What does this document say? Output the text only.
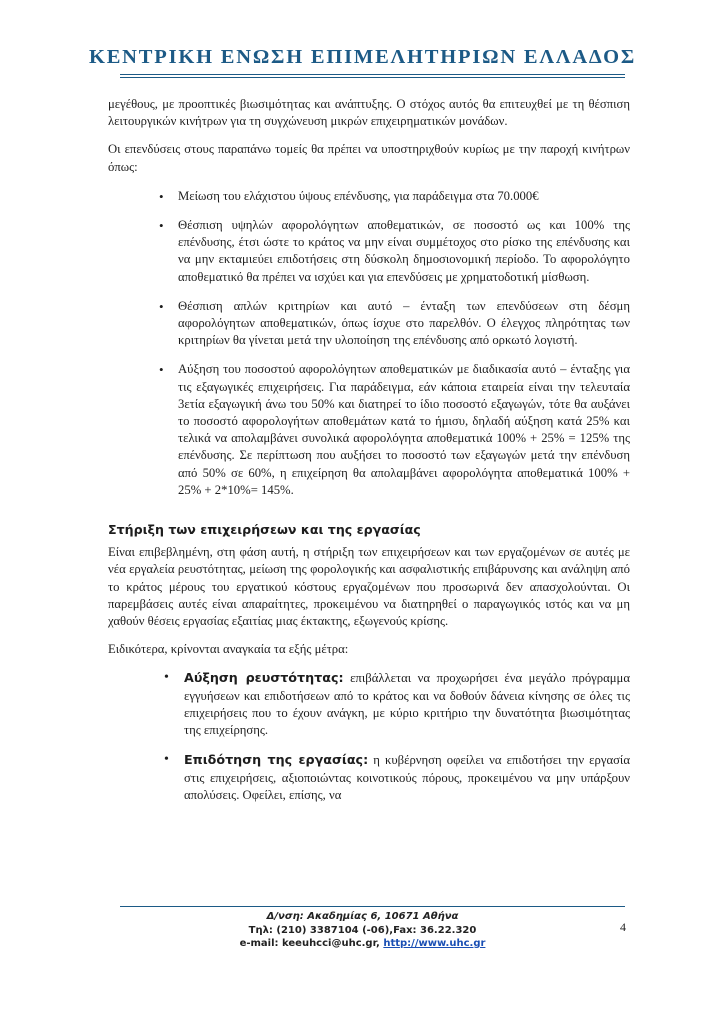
ΚΕΝΤΡΙΚΗ ΕΝΩΣΗ ΕΠΙΜΕΛΗΤΗΡΙΩΝ ΕΛΛΑΔΟΣ

μεγέθους, με προοπτικές βιωσιμότητας και ανάπτυξης. Ο στόχος αυτός θα επιτευχθεί με τη θέσπιση λειτουργικών κινήτρων για τη συγχώνευση μικρών επιχειρηματικών μονάδων.

Οι επενδύσεις στους παραπάνω τομείς θα πρέπει να υποστηριχθούν κυρίως με την παροχή κινήτρων όπως:

• Μείωση του ελάχιστου ύψους επένδυσης, για παράδειγμα στα 70.000€
• Θέσπιση υψηλών αφορολόγητων αποθεματικών, σε ποσοστό ως και 100% της επένδυσης, έτσι ώστε το κράτος να μην είναι συμμέτοχος στο ρίσκο της επένδυσης και να μην εκταμιεύει επιδοτήσεις στη δύσκολη δημοσιονομική περίοδο. Το αφορολόγητο αποθεματικό θα πρέπει να ισχύει και για επενδύσεις με χρηματοδοτική μίσθωση.
• Θέσπιση απλών κριτηρίων και αυτό – ένταξη των επενδύσεων στη δέσμη αφορολόγητων αποθεματικών, όπως ίσχυε στο παρελθόν. Ο έλεγχος πληρότητας των κριτηρίων θα γίνεται μετά την υλοποίηση της επένδυσης από ορκωτό λογιστή.
• Αύξηση του ποσοστού αφορολόγητων αποθεματικών με διαδικασία αυτό – ένταξης για τις εξαγωγικές επιχειρήσεις. Για παράδειγμα, εάν κάποια εταιρεία είναι την τελευταία 3ετία εξαγωγική άνω του 50% και διατηρεί το ίδιο ποσοστό εξαγωγών, τότε θα αυξάνει το ποσοστό αφορολογήτων αποθεμάτων κατά το ήμισυ, δηλαδή αύξηση κατά 25% και τελικά να απολαμβάνει συνολικά αφορολόγητα αποθεματικά 100% + 25% = 125% της επένδυσης. Σε περίπτωση που αυξήσει το ποσοστό των εξαγωγών μετά την επένδυση από 50% σε 60%, η επιχείρηση θα απολαμβάνει αφορολόγητα αποθεματικά 100% + 25% + 2*10%= 145%.
Στήριξη των επιχειρήσεων και της εργασίας

Είναι επιβεβλημένη, στη φάση αυτή, η στήριξη των επιχειρήσεων και των εργαζομένων σε αυτές με νέα εργαλεία ρευστότητας, μείωση της φορολογικής και ασφαλιστικής επιβάρυνσης και ανάληψη από το κράτος μέρους του εργατικού κόστους εργαζομένων που προσωρινά δεν απασχολούνται. Οι παρεμβάσεις αυτές είναι απαραίτητες, προκειμένου να διατηρηθεί ο παραγωγικός ιστός και να μη χαθούν θέσεις εργασίας εξαιτίας μιας έκτακτης, εξωγενούς κρίσης.

Ειδικότερα, κρίνονται αναγκαία τα εξής μέτρα:

• Αύξηση ρευστότητας: επιβάλλεται να προχωρήσει ένα μεγάλο πρόγραμμα εγγυήσεων και επιδοτήσεων από το κράτος και να δοθούν δάνεια κίνησης σε όλες τις επιχειρήσεις που το έχουν ανάγκη, με κύριο κριτήριο την δυνατότητα βιωσιμότητας της επιχείρησης.
• Επιδότηση της εργασίας: η κυβέρνηση οφείλει να επιδοτήσει την εργασία στις επιχειρήσεις, αξιοποιώντας κοινοτικούς πόρους, προκειμένου να μην υπάρξουν απολύσεις. Οφείλει, επίσης, να
Δ/νση: Ακαδημίας 6, 10671 Αθήνα
Τηλ: (210) 3387104 (-06),Fax: 36.22.320
e-mail: keeuhcci@uhc.gr, http://www.uhc.gr
4
